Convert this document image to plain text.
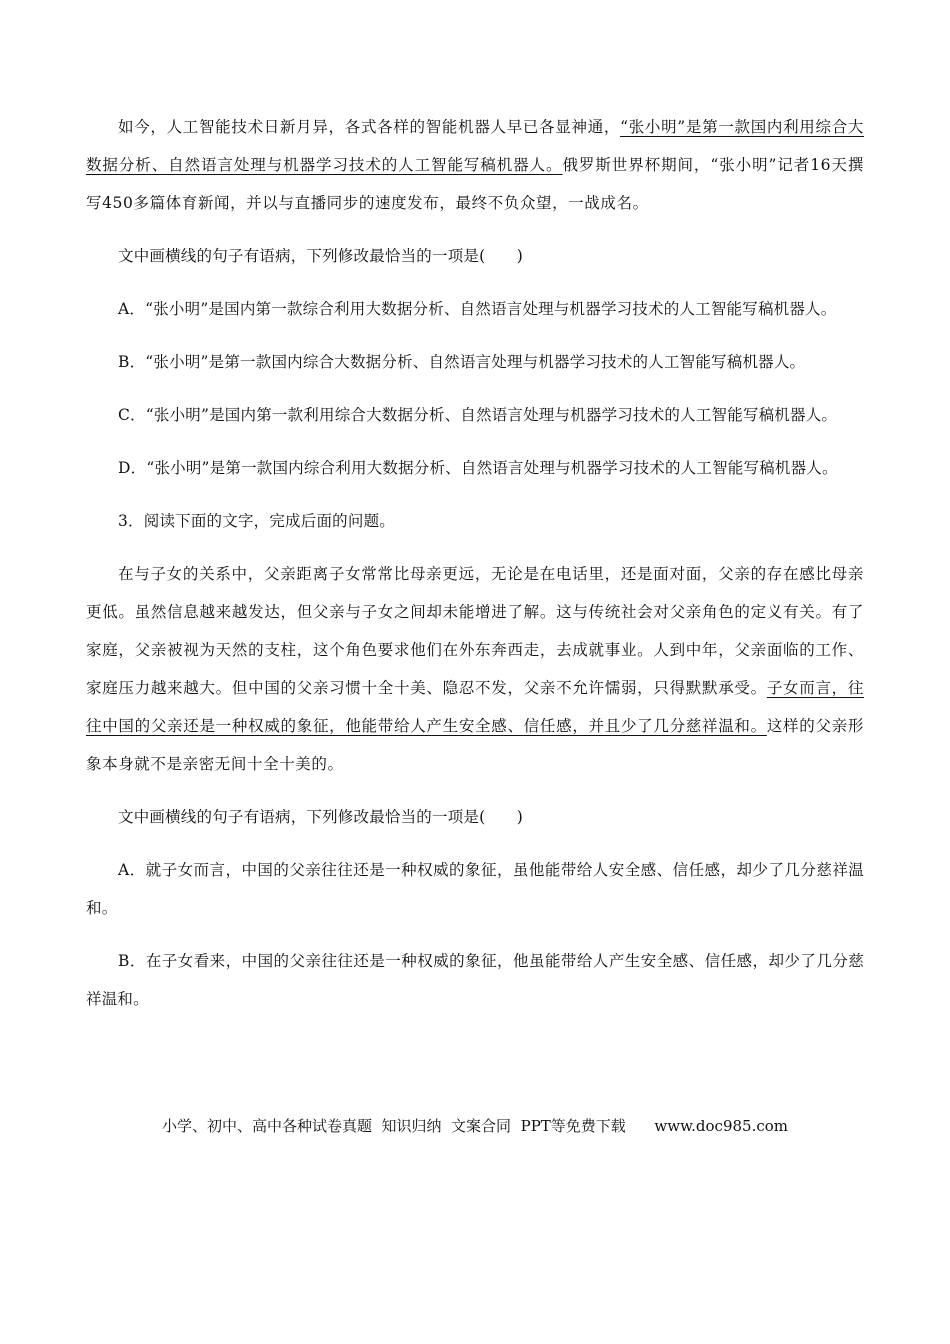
如今，人工智能技术日新月异，各式各样的智能机器人早已各显神通，“张小明”是第一款国内利用综合大数据分析、自然语言处理与机器学习技术的人工智能写稿机器人。俄罗斯世界杯期间，“张小明”记者16天撰写450多篇体育新闻，并以与直播同步的速度发布，最终不负众望，一战成名。

文中画横线的句子有语病，下列修改最恰当的一项是(　　)

A．“张小明”是国内第一款综合利用大数据分析、自然语言处理与机器学习技术的人工智能写稿机器人。

B．“张小明”是第一款国内综合大数据分析、自然语言处理与机器学习技术的人工智能写稿机器人。

C．“张小明”是国内第一款利用综合大数据分析、自然语言处理与机器学习技术的人工智能写稿机器人。

D．“张小明”是第一款国内综合利用大数据分析、自然语言处理与机器学习技术的人工智能写稿机器人。

3．阅读下面的文字，完成后面的问题。

在与子女的关系中，父亲距离子女常常比母亲更远，无论是在电话里，还是面对面，父亲的存在感比母亲更低。虽然信息越来越发达，但父亲与子女之间却未能增进了解。这与传统社会对父亲角色的定义有关。有了家庭，父亲被视为天然的支柱，这个角色要求他们在外东奔西走，去成就事业。人到中年，父亲面临的工作、家庭压力越来越大。但中国的父亲习惯十全十美、隐忍不发，父亲不允许懦弱，只得默默承受。子女而言，往往中国的父亲还是一种权威的象征，他能带给人产生安全感、信任感，并且少了几分慈祥温和。这样的父亲形象本身就不是亲密无间十全十美的。

文中画横线的句子有语病，下列修改最恰当的一项是(　　)

A．就子女而言，中国的父亲往往还是一种权威的象征，虽他能带给人安全感、信任感，却少了几分慈祥温和。

B．在子女看来，中国的父亲往往还是一种权威的象征，他虽能带给人产生安全感、信任感，却少了几分慈祥温和。

小学、初中、高中各种试卷真题  知识归纳  文案合同  PPT等免费下载 www.doc985.com
